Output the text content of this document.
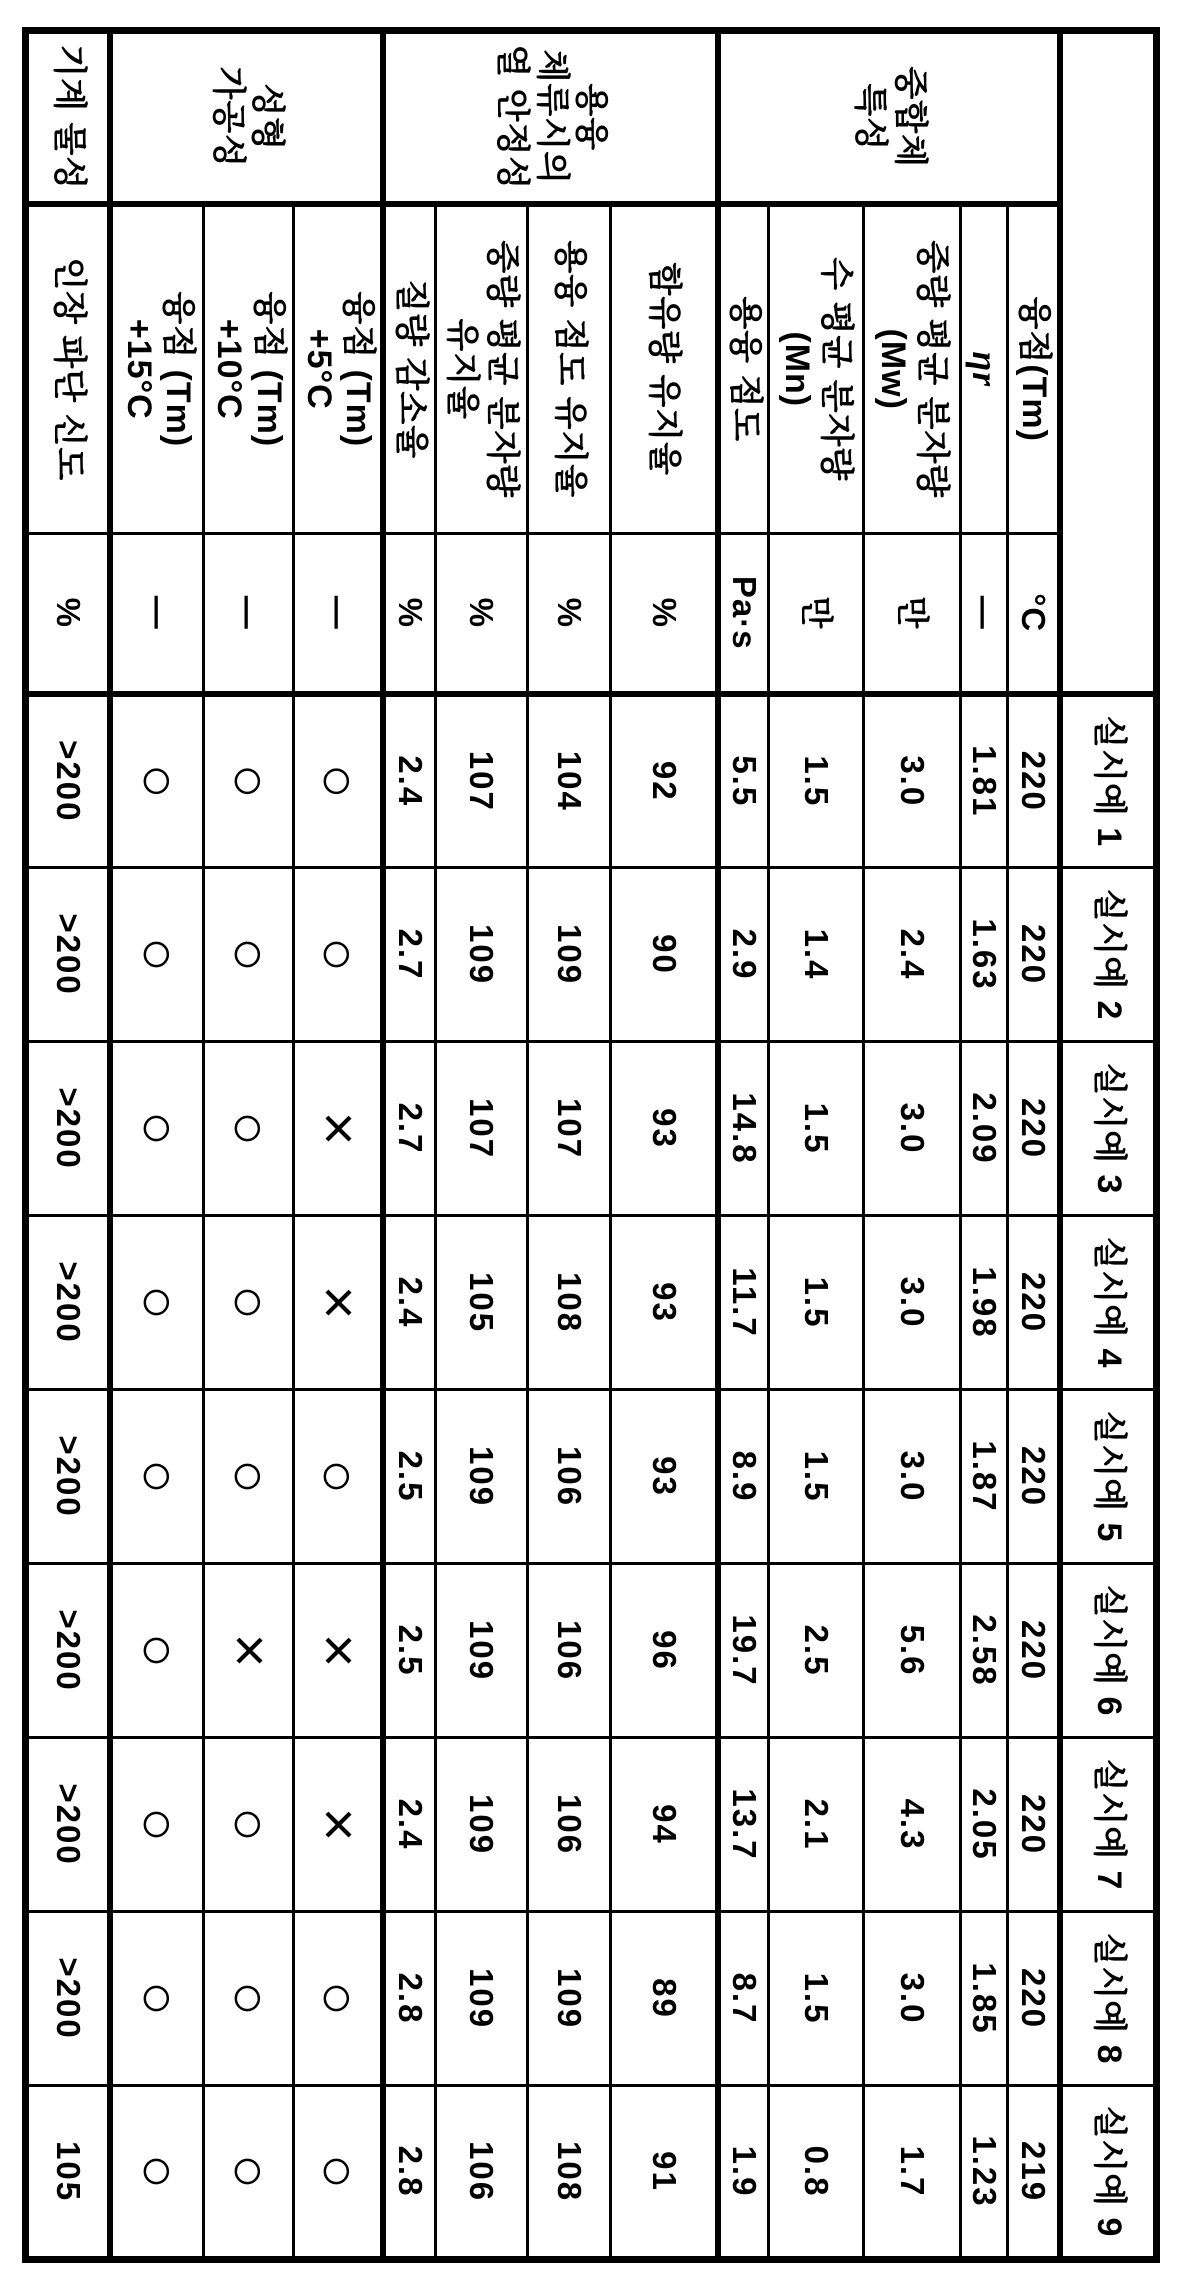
			실시예 1	실시예 2	실시예 3	실시예 4	실시예 5	실시예 6	실시예 7	실시예 8	실시예 9

중합체
특성	융점(Tm)	°C	220	220	220	220	220	220	220	220	219
	ηr	—	1.81	1.63	2.09	1.98	1.87	2.58	2.05	1.85	1.23

	중량 평균 분자량
(Mw)	만	3.0	2.4	3.0	3.0	3.0	5.6	4.3	3.0	1.7

	수 평균 분자량
(Mn)	만	1.5	1.4	1.5	1.5	1.5	2.5	2.1	1.5	0.8
	용융 점도	Pa·s	5.5	2.9	14.8	11.7	8.9	19.7	13.7	8.7	1.9

용융
체류시의
열 안정성	함유량 유지율	%	92	90	93	93	93	96	94	89	91
	용융 점도 유지율	%	104	109	107	108	106	106	106	109	108

	중량 평균 분자량
유지율	%	107	109	107	105	109	109	109	109	106
	질량 감소율	%	2.4	2.7	2.7	2.4	2.5	2.5	2.4	2.8	2.8

성형
가공성

융점 (Tm)
+5°C
	—	○	○	×	×	○	×	×	○	○

	융점 (Tm)
+10°C	—	○	○	○	○	○	×	○	○	○

	융점 (Tm)
+15°C	—	○	○	○	○	○	○	○	○	○

기계 물성	인장 파단 신도	%	>200	>200	>200	>200	>200	>200	>200	>200	105
